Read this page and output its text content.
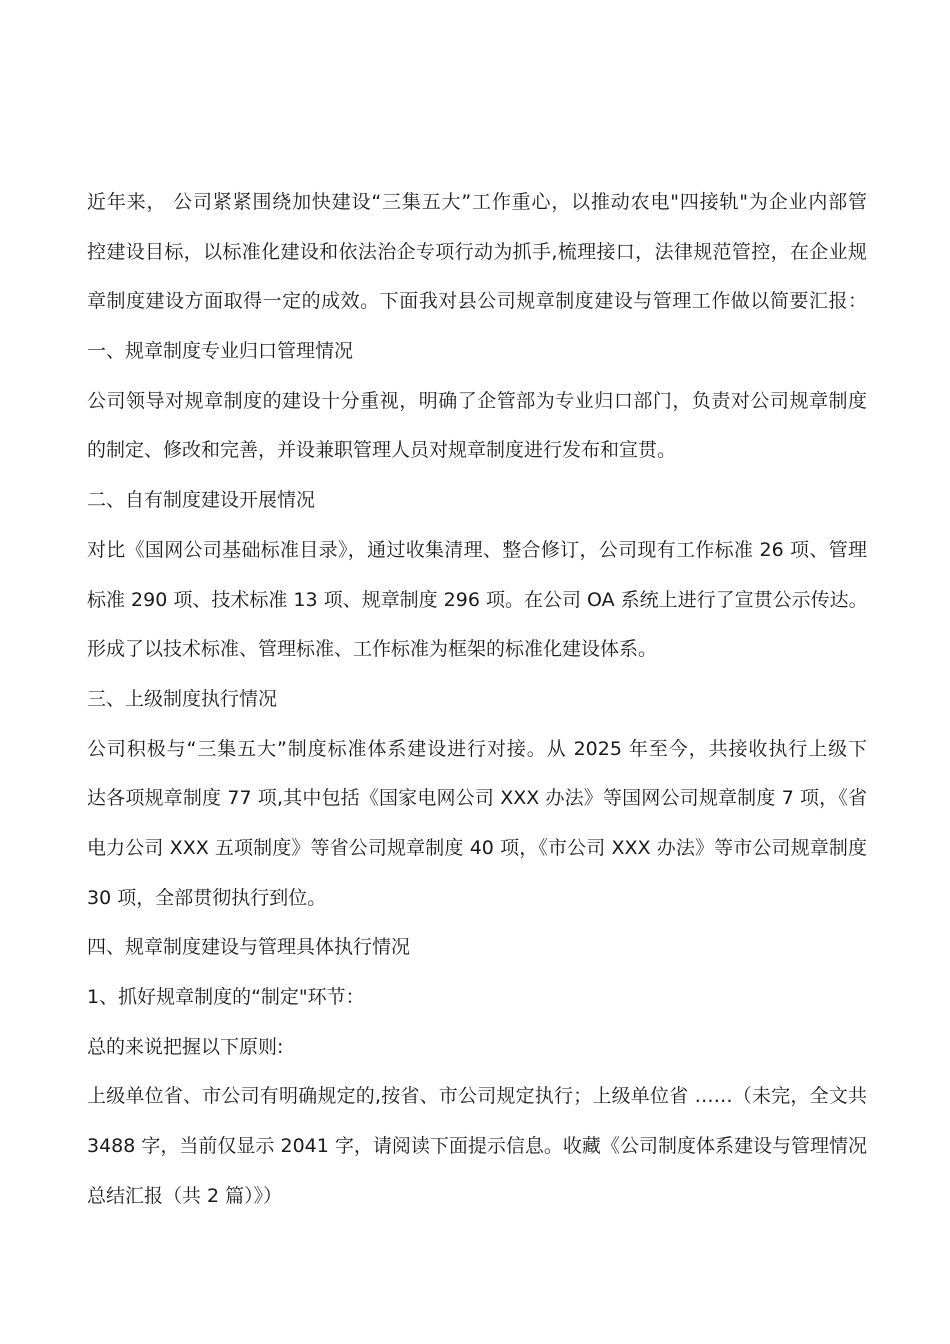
近年来， 公司紧紧围绕加快建设“三集五大”工作重心，以推动农电"四接轨"为企业内部管
控建设目标，以标准化建设和依法治企专项行动为抓手,梳理接口，法律规范管控，在企业规
章制度建设方面取得一定的成效。下面我对县公司规章制度建设与管理工作做以简要汇报：
一、规章制度专业归口管理情况
公司领导对规章制度的建设十分重视，明确了企管部为专业归口部门，负责对公司规章制度
的制定、修改和完善，并设兼职管理人员对规章制度进行发布和宣贯。
二、自有制度建设开展情况
对比《国网公司基础标准目录》，通过收集清理、整合修订，公司现有工作标准 26 项、管理
标准 290 项、技术标准 13 项、规章制度 296 项。在公司 OA 系统上进行了宣贯公示传达。
形成了以技术标准、管理标准、工作标准为框架的标准化建设体系。
三、上级制度执行情况
公司积极与“三集五大”制度标准体系建设进行对接。从 2025 年至今，共接收执行上级下
达各项规章制度 77 项,其中包括《国家电网公司 XXX 办法》等国网公司规章制度 7 项，《省
电力公司 XXX 五项制度》等省公司规章制度 40 项，《市公司 XXX 办法》等市公司规章制度
30 项，全部贯彻执行到位。
四、规章制度建设与管理具体执行情况
1、抓好规章制度的“制定"环节：
总的来说把握以下原则:
上级单位省、市公司有明确规定的,按省、市公司规定执行；上级单位省 ……（未完，全文共
3488 字，当前仅显示 2041 字，请阅读下面提示信息。收藏《公司制度体系建设与管理情况
总结汇报（共 2 篇）》）
